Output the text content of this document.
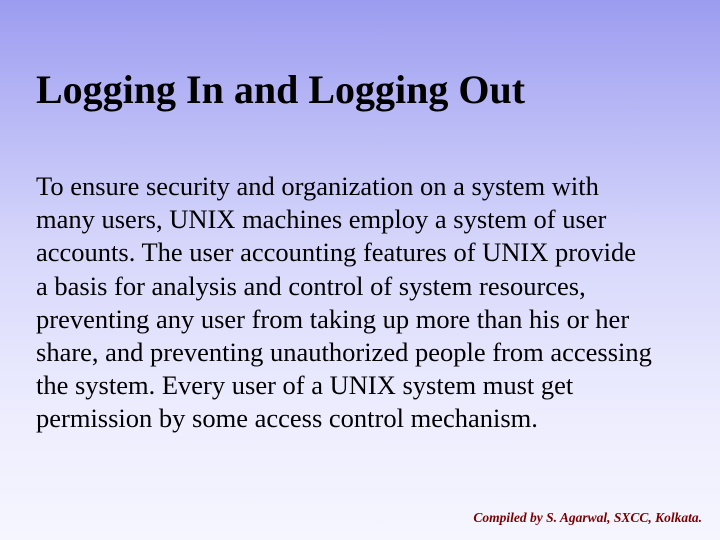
Logging In and Logging Out

To ensure security and organization on a system with
many users, UNIX machines employ a system of user
accounts. The user accounting features of UNIX provide
a basis for analysis and control of system resources,
preventing any user from taking up more than his or her
share, and preventing unauthorized people from accessing
the system. Every user of a UNIX system must get
permission by some access control mechanism.

Compiled by S. Agarwal, SXCC, Kolkata.
